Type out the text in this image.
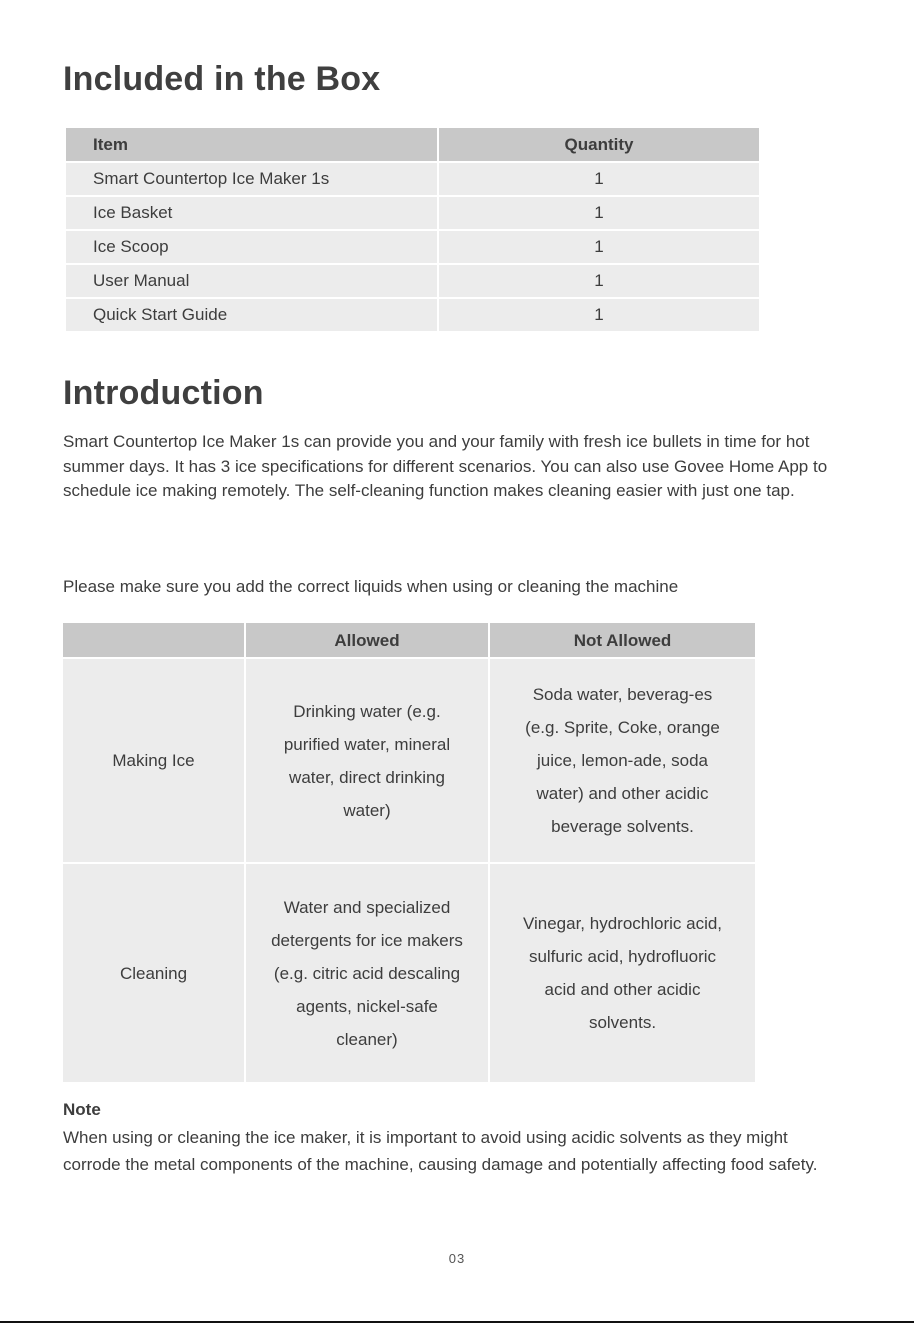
Included in the Box
Item	Quantity
Smart Countertop Ice Maker 1s	1
Ice Basket	1
Ice Scoop	1
User Manual	1
Quick Start Guide	1
Introduction

Smart Countertop Ice Maker 1s can provide you and your family with fresh ice bullets in time for hot summer days. It has 3 ice specifications for different scenarios. You can also use Govee Home App to schedule ice making remotely. The self-cleaning function makes cleaning easier with just one tap.

Please make sure you add the correct liquids when using or cleaning the machine

	Allowed	Not Allowed

Making Ice	Drinking water (e.g. purified water, mineral water, direct drinking water)	Soda water, beverag-es (e.g. Sprite, Coke, orange juice, lemon-ade, soda water) and other acidic beverage solvents.

Cleaning	Water and specialized detergents for ice makers (e.g. citric acid descaling agents, nickel-safe cleaner)	Vinegar, hydrochloric acid, sulfuric acid, hydrofluoric acid and other acidic solvents.

Note

When using or cleaning the ice maker, it is important to avoid using acidic solvents as they might corrode the metal components of the machine, causing damage and potentially affecting food safety.

03
